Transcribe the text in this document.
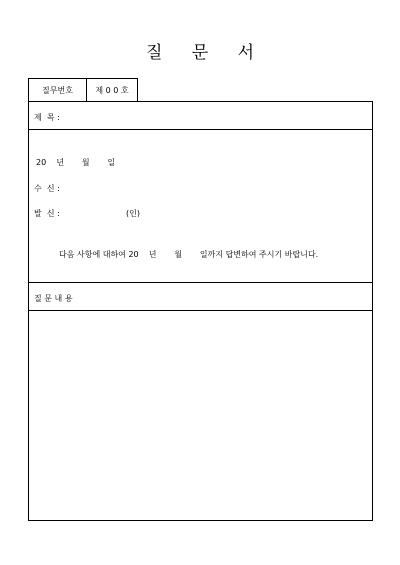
질 문 서
질무번호	제 0 0 호
제  목 :
20    년       월       일
수  신 :
발  신 :	(인)
다음 사항에 대하여 20    년       월       일까지 답변하여 주시기 바랍니다.
질 문 내 용
